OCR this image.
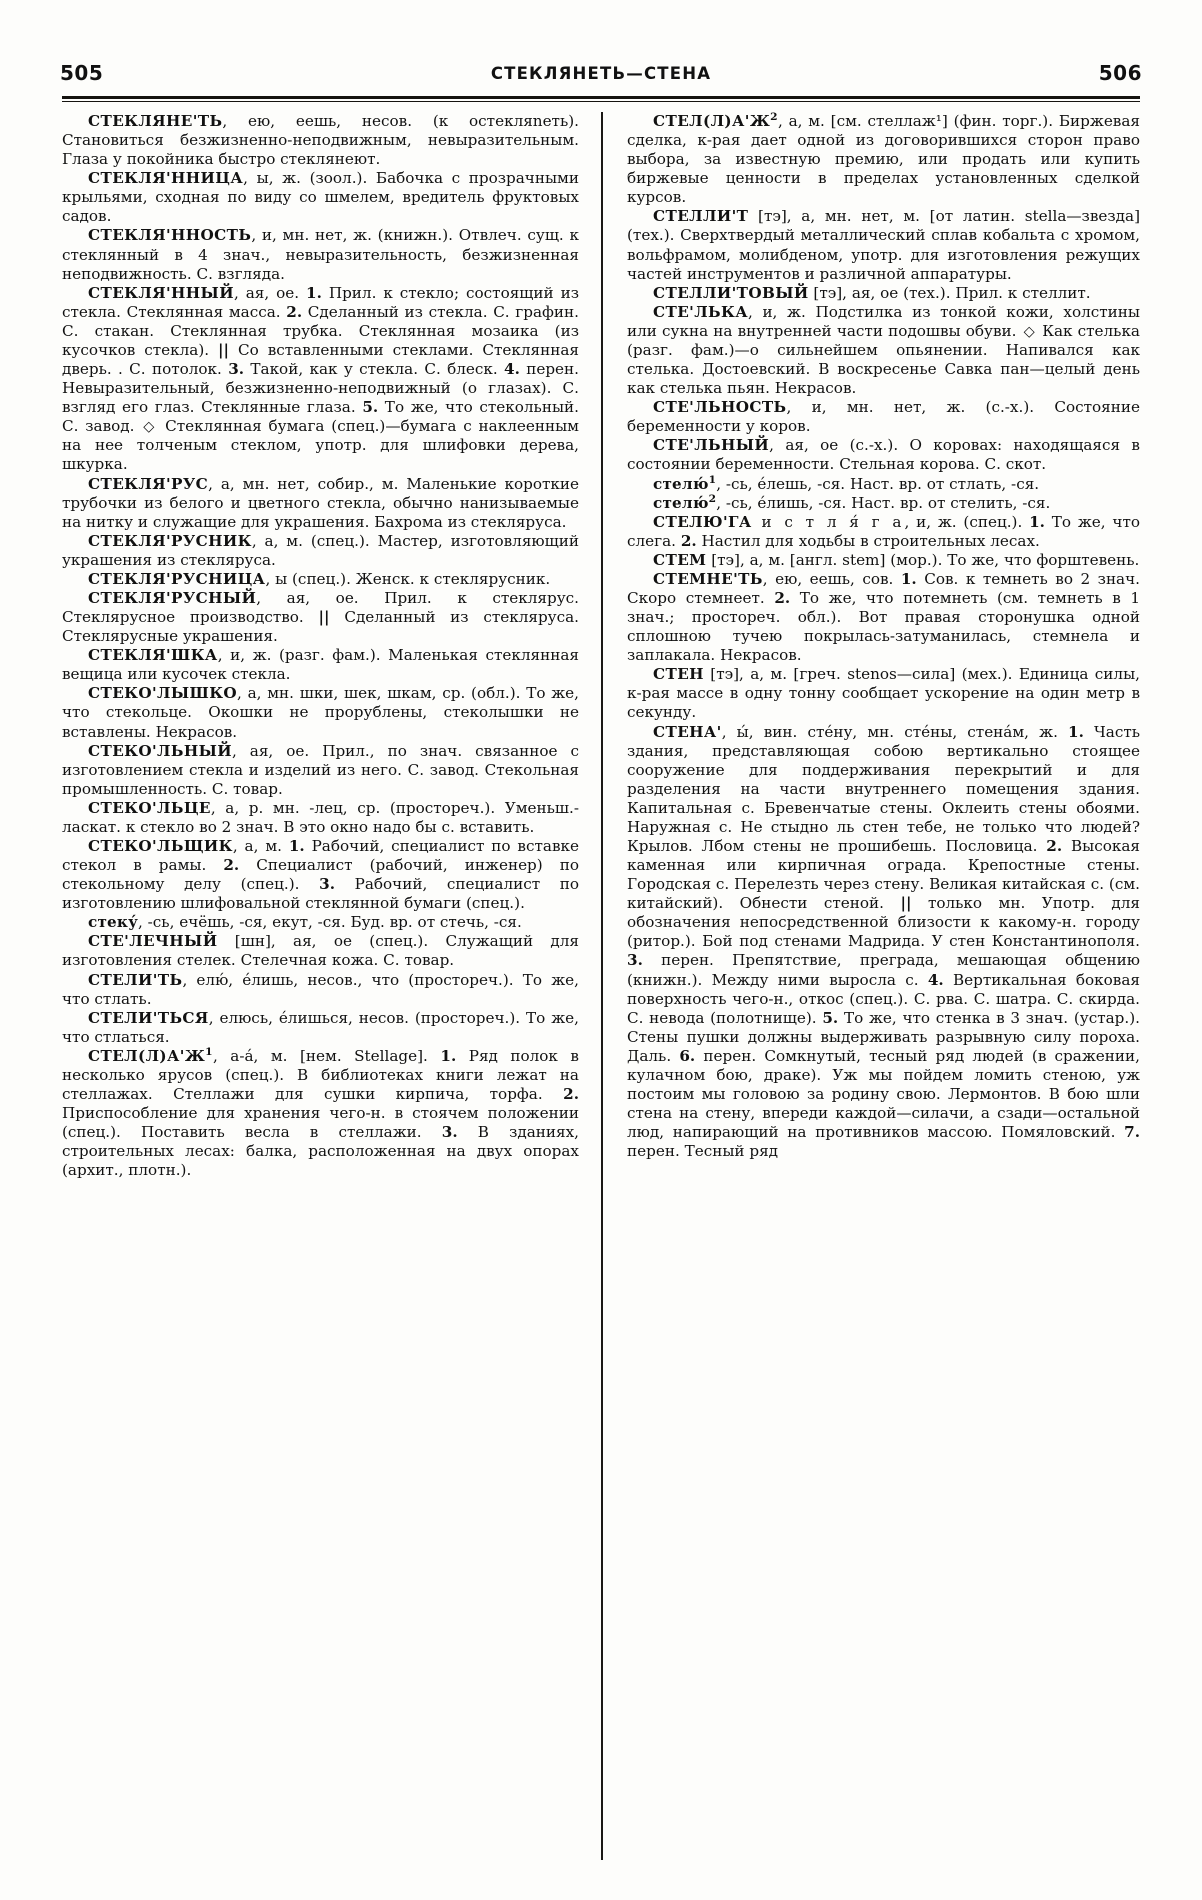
505	СТЕКЛЯНЕТЬ—СТЕНА	506

СТЕКЛЯНЕ'ТЬ, ею, еешь, несов. (к остекляneть). Становиться безжизненно-неподвижным, невыразительным. Глаза у покойника быстро стеклянеют.

СТЕКЛЯ'ННИЦА, ы, ж. (зоол.). Бабочка с прозрачными крыльями, сходная по виду со шмелем, вредитель фруктовых садов.

СТЕКЛЯ'ННОСТЬ, и, мн. нет, ж. (книжн.). Отвлеч. сущ. к стеклянный в 4 знач., невыразительность, безжизненная неподвижность. С. взгляда.

СТЕКЛЯ'ННЫЙ, ая, ое. 1. Прил. к стекло; состоящий из стекла. Стеклянная масса. 2. Сделанный из стекла. С. графин. С. стакан. Стеклянная трубка. Стеклянная мозаика (из кусочков стекла). || Со вставленными стеклами. Стеклянная дверь. . С. потолок. 3. Такой, как у стекла. С. блеск. 4. перен. Невыразительный, безжизненно-неподвижный (о глазах). С. взгляд его глаз. Стеклянные глаза. 5. То же, что стекольный. С. завод. ◇ Стеклянная бумага (спец.)—бумага с наклеенным на нее толченым стеклом, употр. для шлифовки дерева, шкурка.

СТЕКЛЯ'РУС, а, мн. нет, собир., м. Маленькие короткие трубочки из белого и цветного стекла, обычно нанизываемые на нитку и служащие для украшения. Бахрома из стекляруса.

СТЕКЛЯ'РУСНИК, а, м. (спец.). Мастер, изготовляющий украшения из стекляруса.

СТЕКЛЯ'РУСНИЦА, ы (спец.). Женск. к стеклярусник.

СТЕКЛЯ'РУСНЫЙ, ая, ое. Прил. к стеклярус. Стеклярусное производство. || Сделанный из стекляруса. Стеклярусные украшения.

СТЕКЛЯ'ШКА, и, ж. (разг. фам.). Маленькая стеклянная вещица или кусочек стекла.

СТЕКО'ЛЫШКО, а, мн. шки, шек, шкам, ср. (обл.). То же, что стекольце. Окошки не прорублены, стеколышки не вставлены. Некрасов.

СТЕКО'ЛЬНЫЙ, ая, ое. Прил., по знач. связанное с изготовлением стекла и изделий из него. С. завод. Стекольная промышленность. С. товар.

СТЕКО'ЛЬЦЕ, а, р. мн. -лец, ср. (простореч.). Уменьш.-ласкат. к стекло во 2 знач. В это окно надо бы с. вставить.

СТЕКО'ЛЬЩИК, а, м. 1. Рабочий, специалист по вставке стекол в рамы. 2. Специалист (рабочий, инженер) по стекольному делу (спец.). 3. Рабочий, специалист по изготовлению шлифовальной стеклянной бумаги (спец.).

стеку́, -сь, ечёшь, -ся, екут, -ся. Буд. вр. от стечь, -ся.

СТЕ'ЛЕЧНЫЙ [шн], ая, ое (спец.). Служащий для изготовления стелек. Стелечная кожа. С. товар.

СТЕЛИ'ТЬ, елю́, е́лишь, несов., что (простореч.). То же, что стлать.

СТЕЛИ'ТЬСЯ, елюсь, е́лишься, несов. (простореч.). То же, что стлаться.

$СТЕЛ(Л)А'Ж^1$, а-á, м. [нем. Stellage]. 1. Ряд полок в несколько ярусов (спец.). В библиотеках книги лежат на стеллажах. Стеллажи для сушки кирпича, торфа. 2. Приспособление для хранения чего-н. в стоячем положении (спец.). Поставить весла в стеллажи. 3. В зданиях, строительных лесах: балка, расположенная на двух опорах (архит., плотн.).

$СТЕЛ(Л)А'Ж^2$, а, м. [см. стеллаж¹] (фин. торг.). Биржевая сделка, к-рая дает одной из договорившихся сторон право выбора, за известную премию, или продать или купить биржевые ценности в пределах установленных сделкой курсов.

СТЕЛЛИ'Т [тэ], а, мн. нет, м. [от латин. stella—звезда] (тех.). Сверхтвердый металлический сплав кобальта с хромом, вольфрамом, молибденом, употр. для изготовления режущих частей инструментов и различной аппаратуры.

СТЕЛЛИ'ТОВЫЙ [тэ], ая, ое (тех.). Прил. к стеллит.

СТЕ'ЛЬКА, и, ж. Подстилка из тонкой кожи, холстины или сукна на внутренней части подошвы обуви. ◇ Как стелька (разг. фам.)—о сильнейшем опьянении. Напивался как стелька. Достоевский. В воскресенье Савка пан—целый день как стелька пьян. Некрасов.

СТЕ'ЛЬНОСТЬ, и, мн. нет, ж. (с.-х.). Состояние беременности у коров.

СТЕ'ЛЬНЫЙ, ая, ое (с.-х.). О коровах: находящаяся в состоянии беременности. Стельная корова. С. скот.

стелю́$^1$, -сь, е́лешь, -ся. Наст. вр. от стлать, -ся.

стелю́$^2$, -сь, е́лишь, -ся. Наст. вр. от стелить, -ся.

СТЕЛЮ'ГА и с т л я́ г а, и, ж. (спец.). 1. То же, что слега. 2. Настил для ходьбы в строительных лесах.

СТЕМ [тэ], а, м. [англ. stem] (мор.). То же, что форштевень.

СТЕМНЕ'ТЬ, ею, еешь, сов. 1. Сов. к темнеть во 2 знач. Скоро стемнеет. 2. То же, что потемнеть (см. темнеть в 1 знач.; простореч. обл.). Вот правая сторонушка одной сплошною тучею покрылась-затуманилась, стемнела и заплакала. Некрасов.

СТЕН [тэ], а, м. [греч. stenos—сила] (мех.). Единица силы, к-рая массе в одну тонну сообщает ускорение на один метр в секунду.

СТЕНА', ы́, вин. сте́ну, мн. сте́ны, стенáм, ж. 1. Часть здания, представляющая собою вертикально стоящее сооружение для поддерживания перекрытий и для разделения на части внутреннего помещения здания. Капитальная с. Бревенчатые стены. Оклеить стены обоями. Наружная с. Не стыдно ль стен тебе, не только что людей? Крылов. Лбом стены не прошибешь. Пословица. 2. Высокая каменная или кирпичная ограда. Крепостные стены. Городская с. Перелезть через стену. Великая китайская с. (см. китайский). Обнести стеной. || только мн. Употр. для обозначения непосредственной близости к какому-н. городу (ритор.). Бой под стенами Мадрида. У стен Константинополя. 3. перен. Препятствие, преграда, мешающая общению (книжн.). Между ними выросла с. 4. Вертикальная боковая поверхность чего-н., откос (спец.). С. рва. С. шатра. С. скирда. С. невода (полотнище). 5. То же, что стенка в 3 знач. (устар.). Стены пушки должны выдерживать разрывную силу пороха. Даль. 6. перен. Сомкнутый, тесный ряд людей (в сражении, кулачном бою, драке). Уж мы пойдем ломить стеною, уж постоим мы головою за родину свою. Лермонтов. В бою шли стена на стену, впереди каждой—силачи, а сзади—остальной люд, напирающий на противников массою. Помяловский. 7. перен. Тесный ряд
